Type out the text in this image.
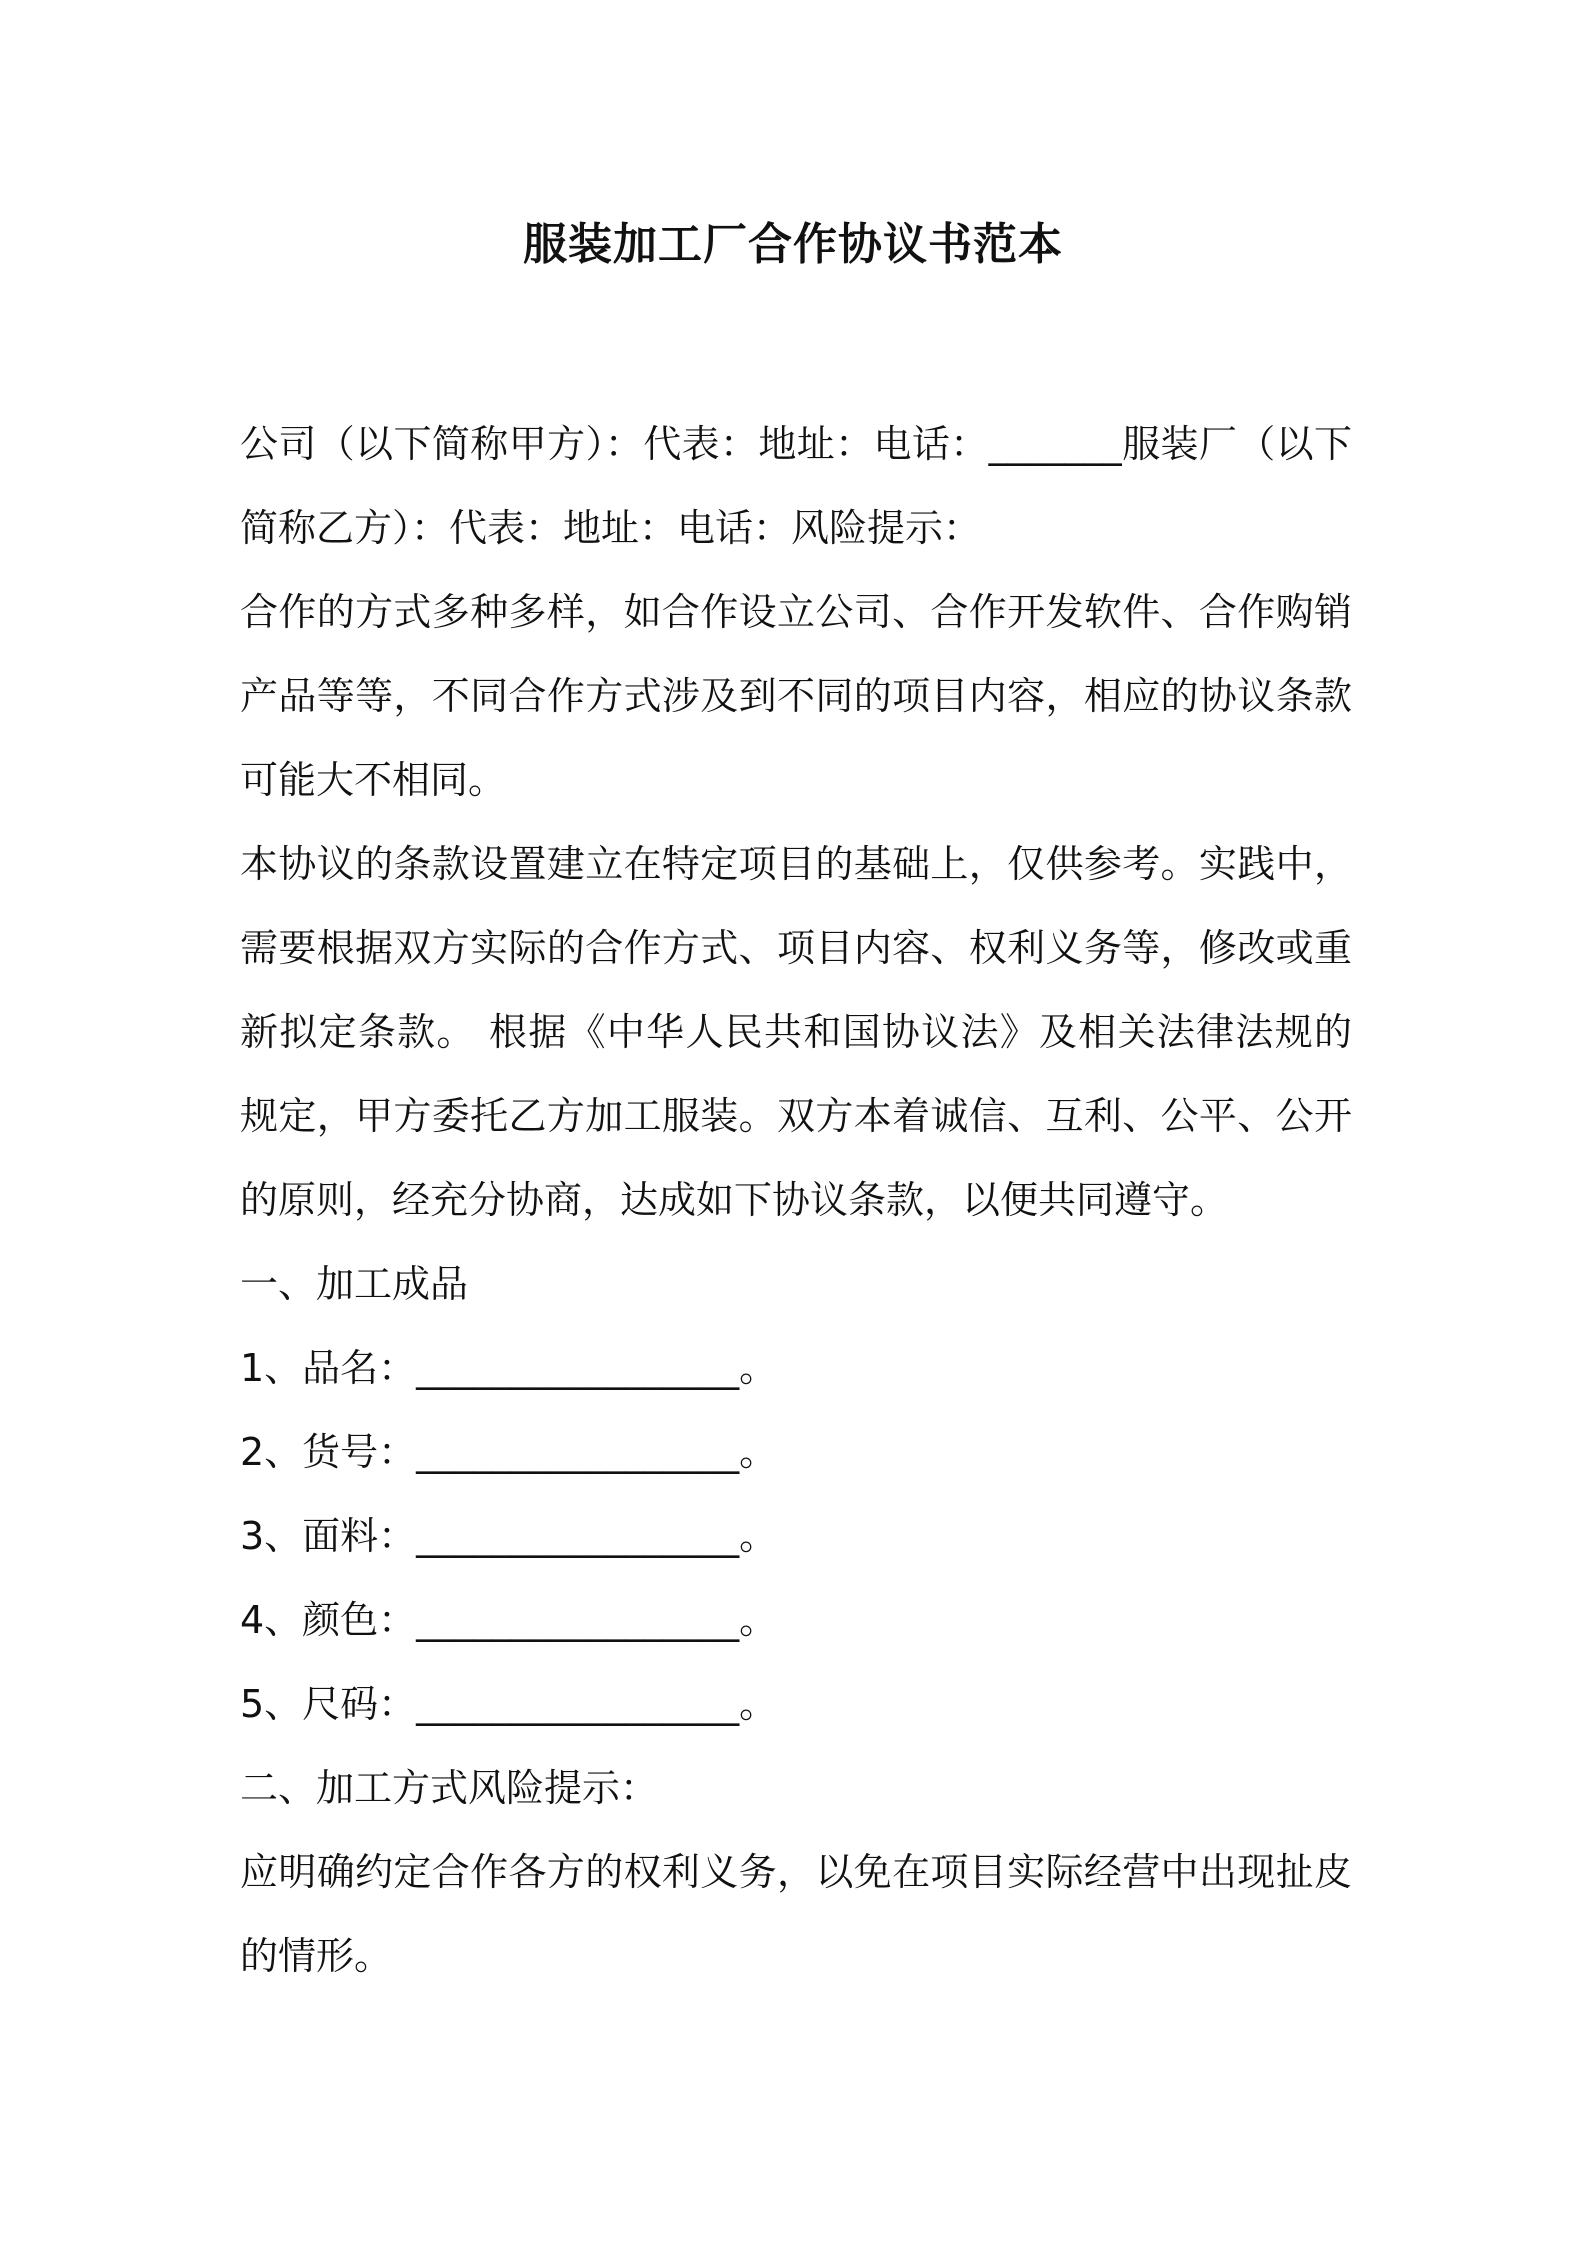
服装加工厂合作协议书范本

公司（以下简称甲方）：代表：地址：电话：_______服装厂（以下简称乙方）：代表：地址：电话：风险提示：

合作的方式多种多样，如合作设立公司、合作开发软件、合作购销产品等等，不同合作方式涉及到不同的项目内容，相应的协议条款可能大不相同。

本协议的条款设置建立在特定项目的基础上，仅供参考。实践中，需要根据双方实际的合作方式、项目内容、权利义务等，修改或重新拟定条款。 根据《中华人民共和国协议法》及相关法律法规的规定，甲方委托乙方加工服装。双方本着诚信、互利、公平、公开的原则，经充分协商，达成如下协议条款，以便共同遵守。

一、加工成品

1、品名：_________________。

2、货号：_________________。

3、面料：_________________。

4、颜色：_________________。

5、尺码：_________________。

二、加工方式风险提示：

应明确约定合作各方的权利义务，以免在项目实际经营中出现扯皮的情形。
